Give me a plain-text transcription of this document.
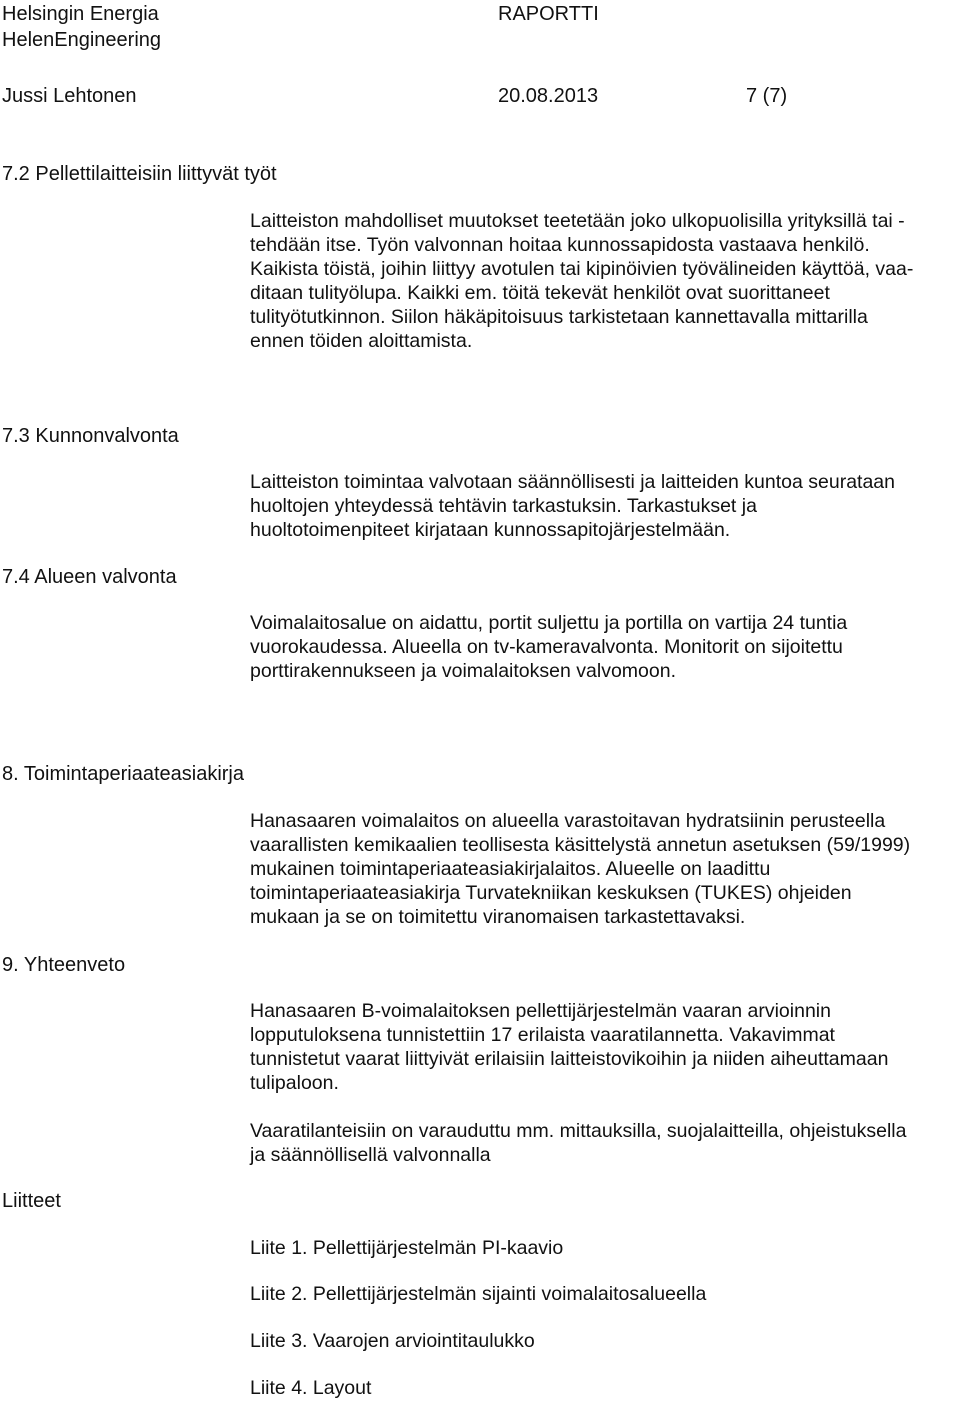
Helsingin Energia

HelenEngineering

RAPORTTI

Jussi Lehtonen	20.08.2013	7 (7)

7.2 Pellettilaitteisiin liittyvät työt

Laitteiston mahdolliset muutokset teetetään joko ulkopuolisilla yrityksillä tai -
tehdään itse. Työn valvonnan hoitaa kunnossapidosta vastaava henkilö.
Kaikista töistä, joihin liittyy avotulen tai kipinöivien työvälineiden käyttöä, vaa-
ditaan tulityölupa. Kaikki em. töitä tekevät henkilöt ovat suorittaneet
tulityötutkinnon. Siilon häkäpitoisuus tarkistetaan kannettavalla mittarilla
ennen töiden aloittamista.

7.3 Kunnonvalvonta

Laitteiston toimintaa valvotaan säännöllisesti ja laitteiden kuntoa seurataan
huoltojen yhteydessä tehtävin tarkastuksin. Tarkastukset ja
huoltotoimenpiteet kirjataan kunnossapitojärjestelmään.

7.4 Alueen valvonta

Voimalaitosalue on aidattu, portit suljettu ja portilla on vartija 24 tuntia
vuorokaudessa. Alueella on tv-kameravalvonta. Monitorit on sijoitettu
porttirakennukseen ja voimalaitoksen valvomoon.

8. Toimintaperiaateasiakirja

Hanasaaren voimalaitos on alueella varastoitavan hydratsiinin perusteella
vaarallisten kemikaalien teollisesta käsittelystä annetun asetuksen (59/1999)
mukainen toimintaperiaateasiakirjalaitos. Alueelle on laadittu
toimintaperiaateasiakirja Turvatekniikan keskuksen (TUKES) ohjeiden
mukaan ja se on toimitettu viranomaisen tarkastettavaksi.

9. Yhteenveto

Hanasaaren B-voimalaitoksen pellettijärjestelmän vaaran arvioinnin
lopputuloksena tunnistettiin 17 erilaista vaaratilannetta. Vakavimmat
tunnistetut vaarat liittyivät erilaisiin laitteistovikoihin ja niiden aiheuttamaan
tulipaloon.
Vaaratilanteisiin on varauduttu mm. mittauksilla, suojalaitteilla, ohjeistuksella
ja säännöllisellä valvonnalla

Liitteet

Liite 1. Pellettijärjestelmän PI-kaavio

Liite 2. Pellettijärjestelmän sijainti voimalaitosalueella

Liite 3. Vaarojen arviointitaulukko

Liite 4. Layout
